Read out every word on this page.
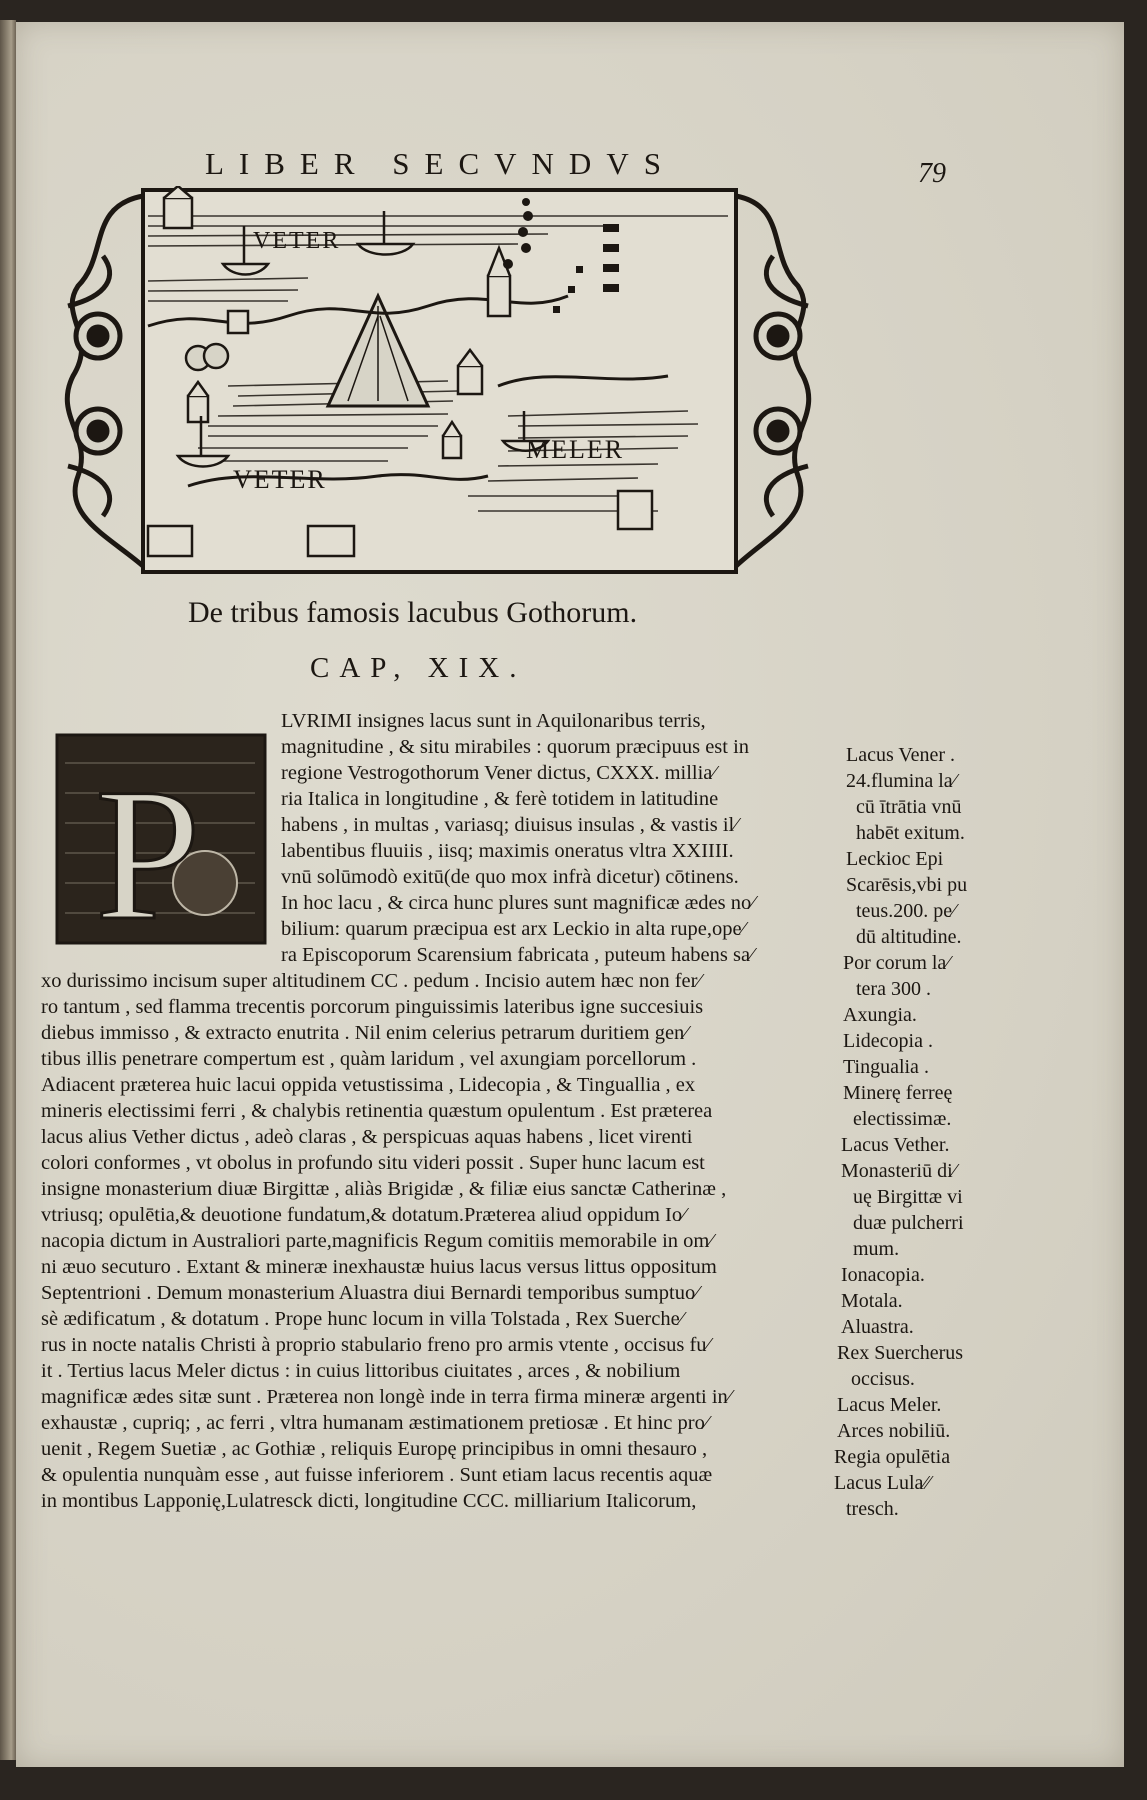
LIBER SECVNDVS	79
VETER
VETER
MELER
De tribus famosis lacubus Gothorum.
CAP, XIX.
P
LVRIMI insignes lacus sunt in Aquilonaribus terris,
magnitudine , & situ mirabiles : quorum præcipuus est in
regione Vestrogothorum Vener dictus, CXXX. millia⁄
ria Italica in longitudine , & ferè totidem in latitudine
habens , in multas , variasq; diuisus insulas , & vastis il⁄
labentibus fluuiis , iisq; maximis oneratus vltra XXIIII.
vnū solūmodò exitū(de quo mox infrà dicetur) cōtinens.
In hoc lacu , & circa hunc plures sunt magnificæ ædes no⁄
bilium: quarum præcipua est arx Leckio in alta rupe,ope⁄
ra Episcoporum Scarensium fabricata , puteum habens sa⁄
xo durissimo incisum super altitudinem CC . pedum . Incisio autem hæc non fer⁄
ro tantum , sed flamma trecentis porcorum pinguissimis lateribus igne succesiuis
diebus immisso , & extracto enutrita . Nil enim celerius petrarum duritiem gen⁄
tibus illis penetrare compertum est , quàm laridum , vel axungiam porcellorum .
Adiacent præterea huic lacui oppida vetustissima , Lidecopia , & Tinguallia , ex
mineris electissimi ferri , & chalybis retinentia quæstum opulentum . Est præterea
lacus alius Vether dictus , adeò claras , & perspicuas aquas habens , licet virenti
colori conformes , vt obolus in profundo situ videri possit . Super hunc lacum est
insigne monasterium diuæ Birgittæ , aliàs Brigidæ , & filiæ eius sanctæ Catherinæ ,
vtriusq; opulētia,& deuotione fundatum,& dotatum.Præterea aliud oppidum Io⁄
nacopia dictum in Australiori parte,magnificis Regum comitiis memorabile in om⁄
ni æuo secuturo . Extant & mineræ inexhaustæ huius lacus versus littus oppositum
Septentrioni . Demum monasterium Aluastra diui Bernardi temporibus sumptuo⁄
sè ædificatum , & dotatum . Prope hunc locum in villa Tolstada , Rex Suerche⁄
rus in nocte natalis Christi à proprio stabulario freno pro armis vtente , occisus fu⁄
it . Tertius lacus Meler dictus : in cuius littoribus ciuitates , arces , & nobilium
magnificæ ædes sitæ sunt . Præterea non longè inde in terra firma mineræ argenti in⁄
exhaustæ , cupriq; , ac ferri , vltra humanam æstimationem pretiosæ . Et hinc pro⁄
uenit , Regem Suetiæ , ac Gothiæ , reliquis Europę principibus in omni thesauro ,
& opulentia nunquàm esse , aut fuisse inferiorem . Sunt etiam lacus recentis aquæ
in montibus Lapponię,Lulatresck dicti, longitudine CCC. milliarium Italicorum,
Lacus Vener .
24.flumina la⁄
cū ītrātia vnū
habēt exitum.
Leckioc Epi
Scarēsis,vbi pu
teus.200. pe⁄
dū altitudine.
Por corum la⁄
tera 300 .
Axungia.
Lidecopia .
Tingualia .
Minerę ferreę
electissimæ.
Lacus Vether.
Monasteriū di⁄
uę Birgittæ vi
duæ pulcherri
mum.
Ionacopia.
Motala.
Aluastra.
Rex Suercherus
occisus.
Lacus Meler.
Arces nobiliū.
Regia opulētia
Lacus Lula⁄⁄
tresch.
